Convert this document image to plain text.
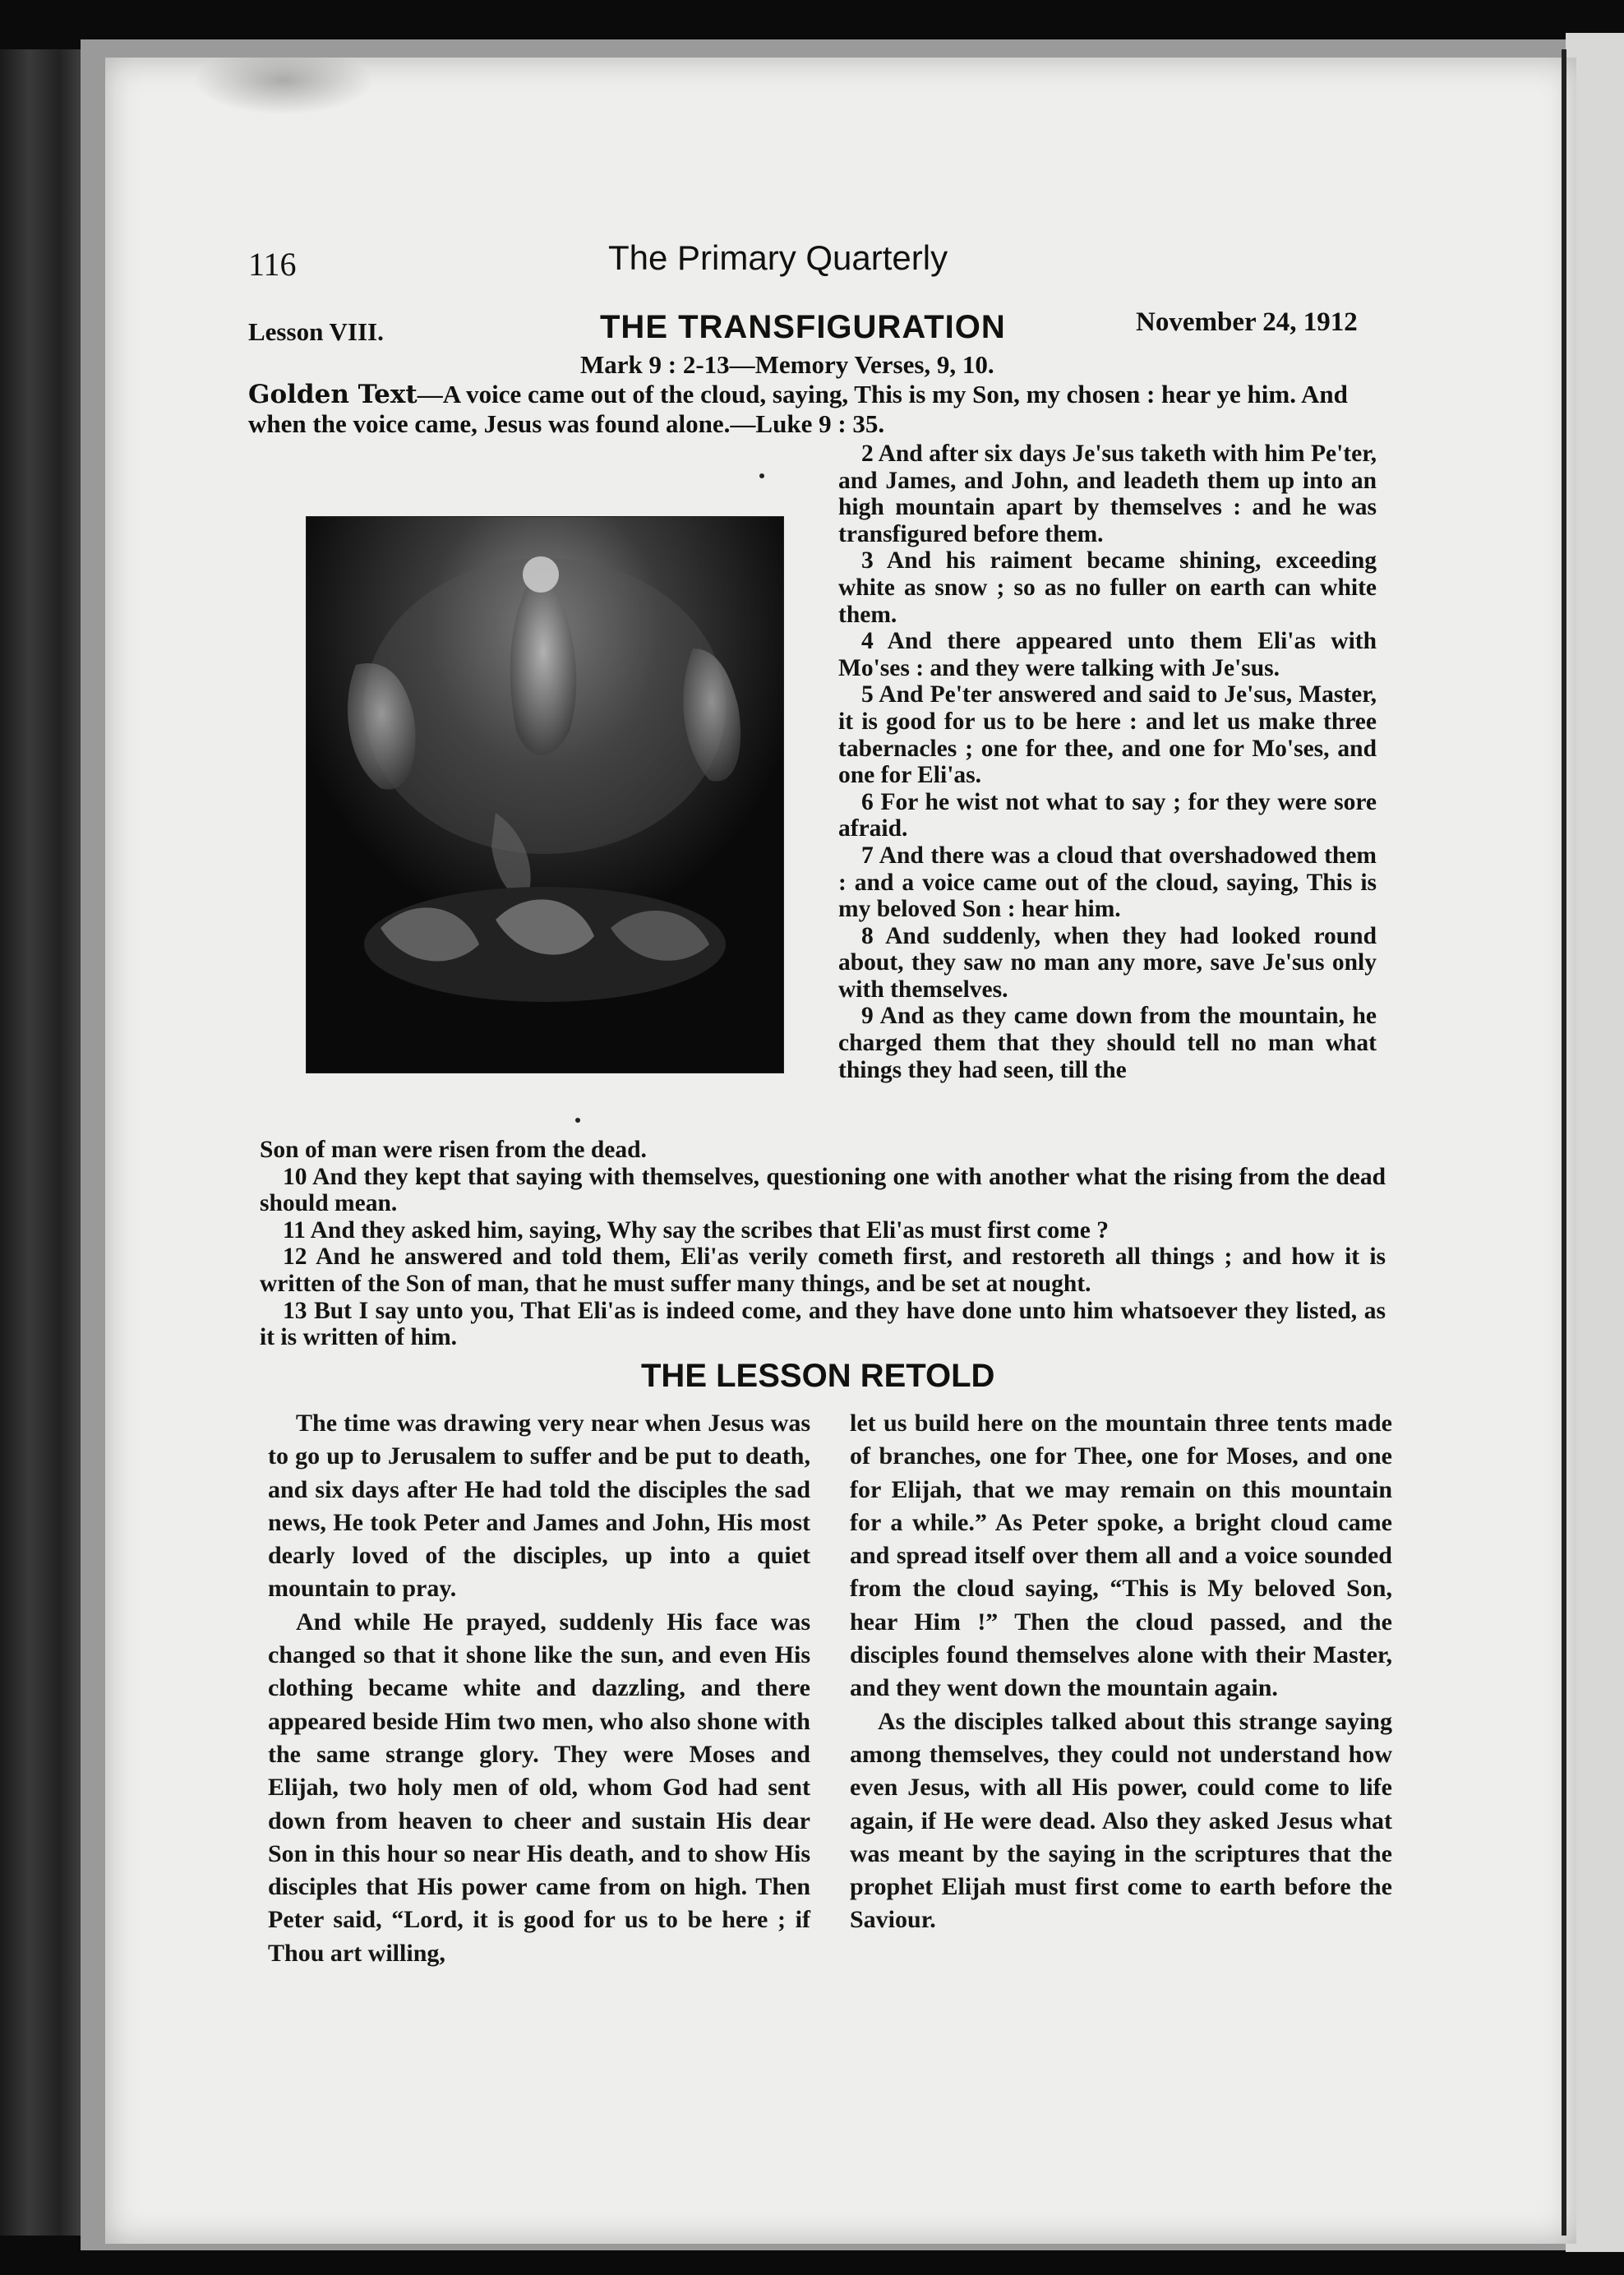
116	The Primary Quarterly
Lesson VIII.	THE TRANSFIGURATION	November 24, 1912
Mark 9 : 2-13—Memory Verses, 9, 10.
Golden Text—A voice came out of the cloud, saying, This is my Son, my chosen : hear ye him. And when the voice came, Jesus was found alone.—Luke 9 : 35.

2 And after six days Je'sus taketh with him Pe'ter, and James, and John, and leadeth them up into an high mountain apart by themselves : and he was transfigured before them.

3 And his raiment became shining, exceeding white as snow ; so as no fuller on earth can white them.

4 And there appeared unto them Eli'as with Mo'ses : and they were talking with Je'sus.

5 And Pe'ter answered and said to Je'sus, Master, it is good for us to be here : and let us make three tabernacles ; one for thee, and one for Mo'ses, and one for Eli'as.

6 For he wist not what to say ; for they were sore afraid.

7 And there was a cloud that overshadowed them : and a voice came out of the cloud, saying, This is my beloved Son : hear him.

8 And suddenly, when they had looked round about, they saw no man any more, save Je'sus only with themselves.

9 And as they came down from the mountain, he charged them that they should tell no man what things they had seen, till the

Son of man were risen from the dead.

10 And they kept that saying with themselves, questioning one with another what the rising from the dead should mean.

11 And they asked him, saying, Why say the scribes that Eli'as must first come ?

12 And he answered and told them, Eli'as verily cometh first, and restoreth all things ; and how it is written of the Son of man, that he must suffer many things, and be set at nought.

13 But I say unto you, That Eli'as is indeed come, and they have done unto him whatsoever they listed, as it is written of him.

THE LESSON RETOLD

The time was drawing very near when Jesus was to go up to Jerusalem to suffer and be put to death, and six days after He had told the disciples the sad news, He took Peter and James and John, His most dearly loved of the disciples, up into a quiet mountain to pray.

And while He prayed, suddenly His face was changed so that it shone like the sun, and even His clothing became white and dazzling, and there appeared beside Him two men, who also shone with the same strange glory. They were Moses and Elijah, two holy men of old, whom God had sent down from heaven to cheer and sustain His dear Son in this hour so near His death, and to show His disciples that His power came from on high. Then Peter said, “Lord, it is good for us to be here ; if Thou art willing,

let us build here on the mountain three tents made of branches, one for Thee, one for Moses, and one for Elijah, that we may remain on this mountain for a while.” As Peter spoke, a bright cloud came and spread itself over them all and a voice sounded from the cloud saying, “This is My beloved Son, hear Him !” Then the cloud passed, and the disciples found themselves alone with their Master, and they went down the mountain again.

As the disciples talked about this strange saying among themselves, they could not understand how even Jesus, with all His power, could come to life again, if He were dead. Also they asked Jesus what was meant by the saying in the scriptures that the prophet Elijah must first come to earth before the Saviour.
